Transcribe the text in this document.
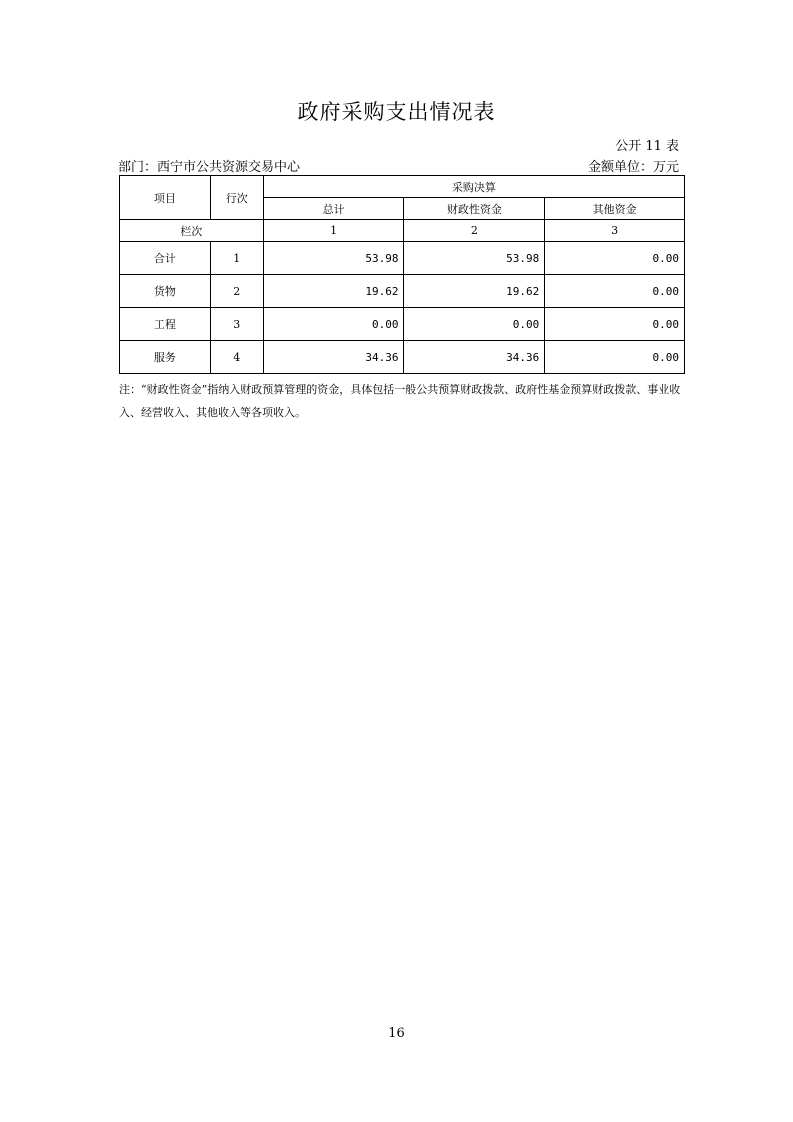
政府采购支出情况表
公开 11 表
部门：西宁市公共资源交易中心	金额单位：万元
项目	行次	采购决算		
		总计	财政性资金	其他资金
栏次		1	2	3
合计	1	53.98	53.98	0.00
货物	2	19.62	19.62	0.00
工程	3	0.00	0.00	0.00
服务	4	34.36	34.36	0.00
注：“财政性资金”指纳入财政预算管理的资金，具体包括一般公共预算财政拨款、政府性基金预算财政拨款、事业收
入、经营收入、其他收入等各项收入。
16
